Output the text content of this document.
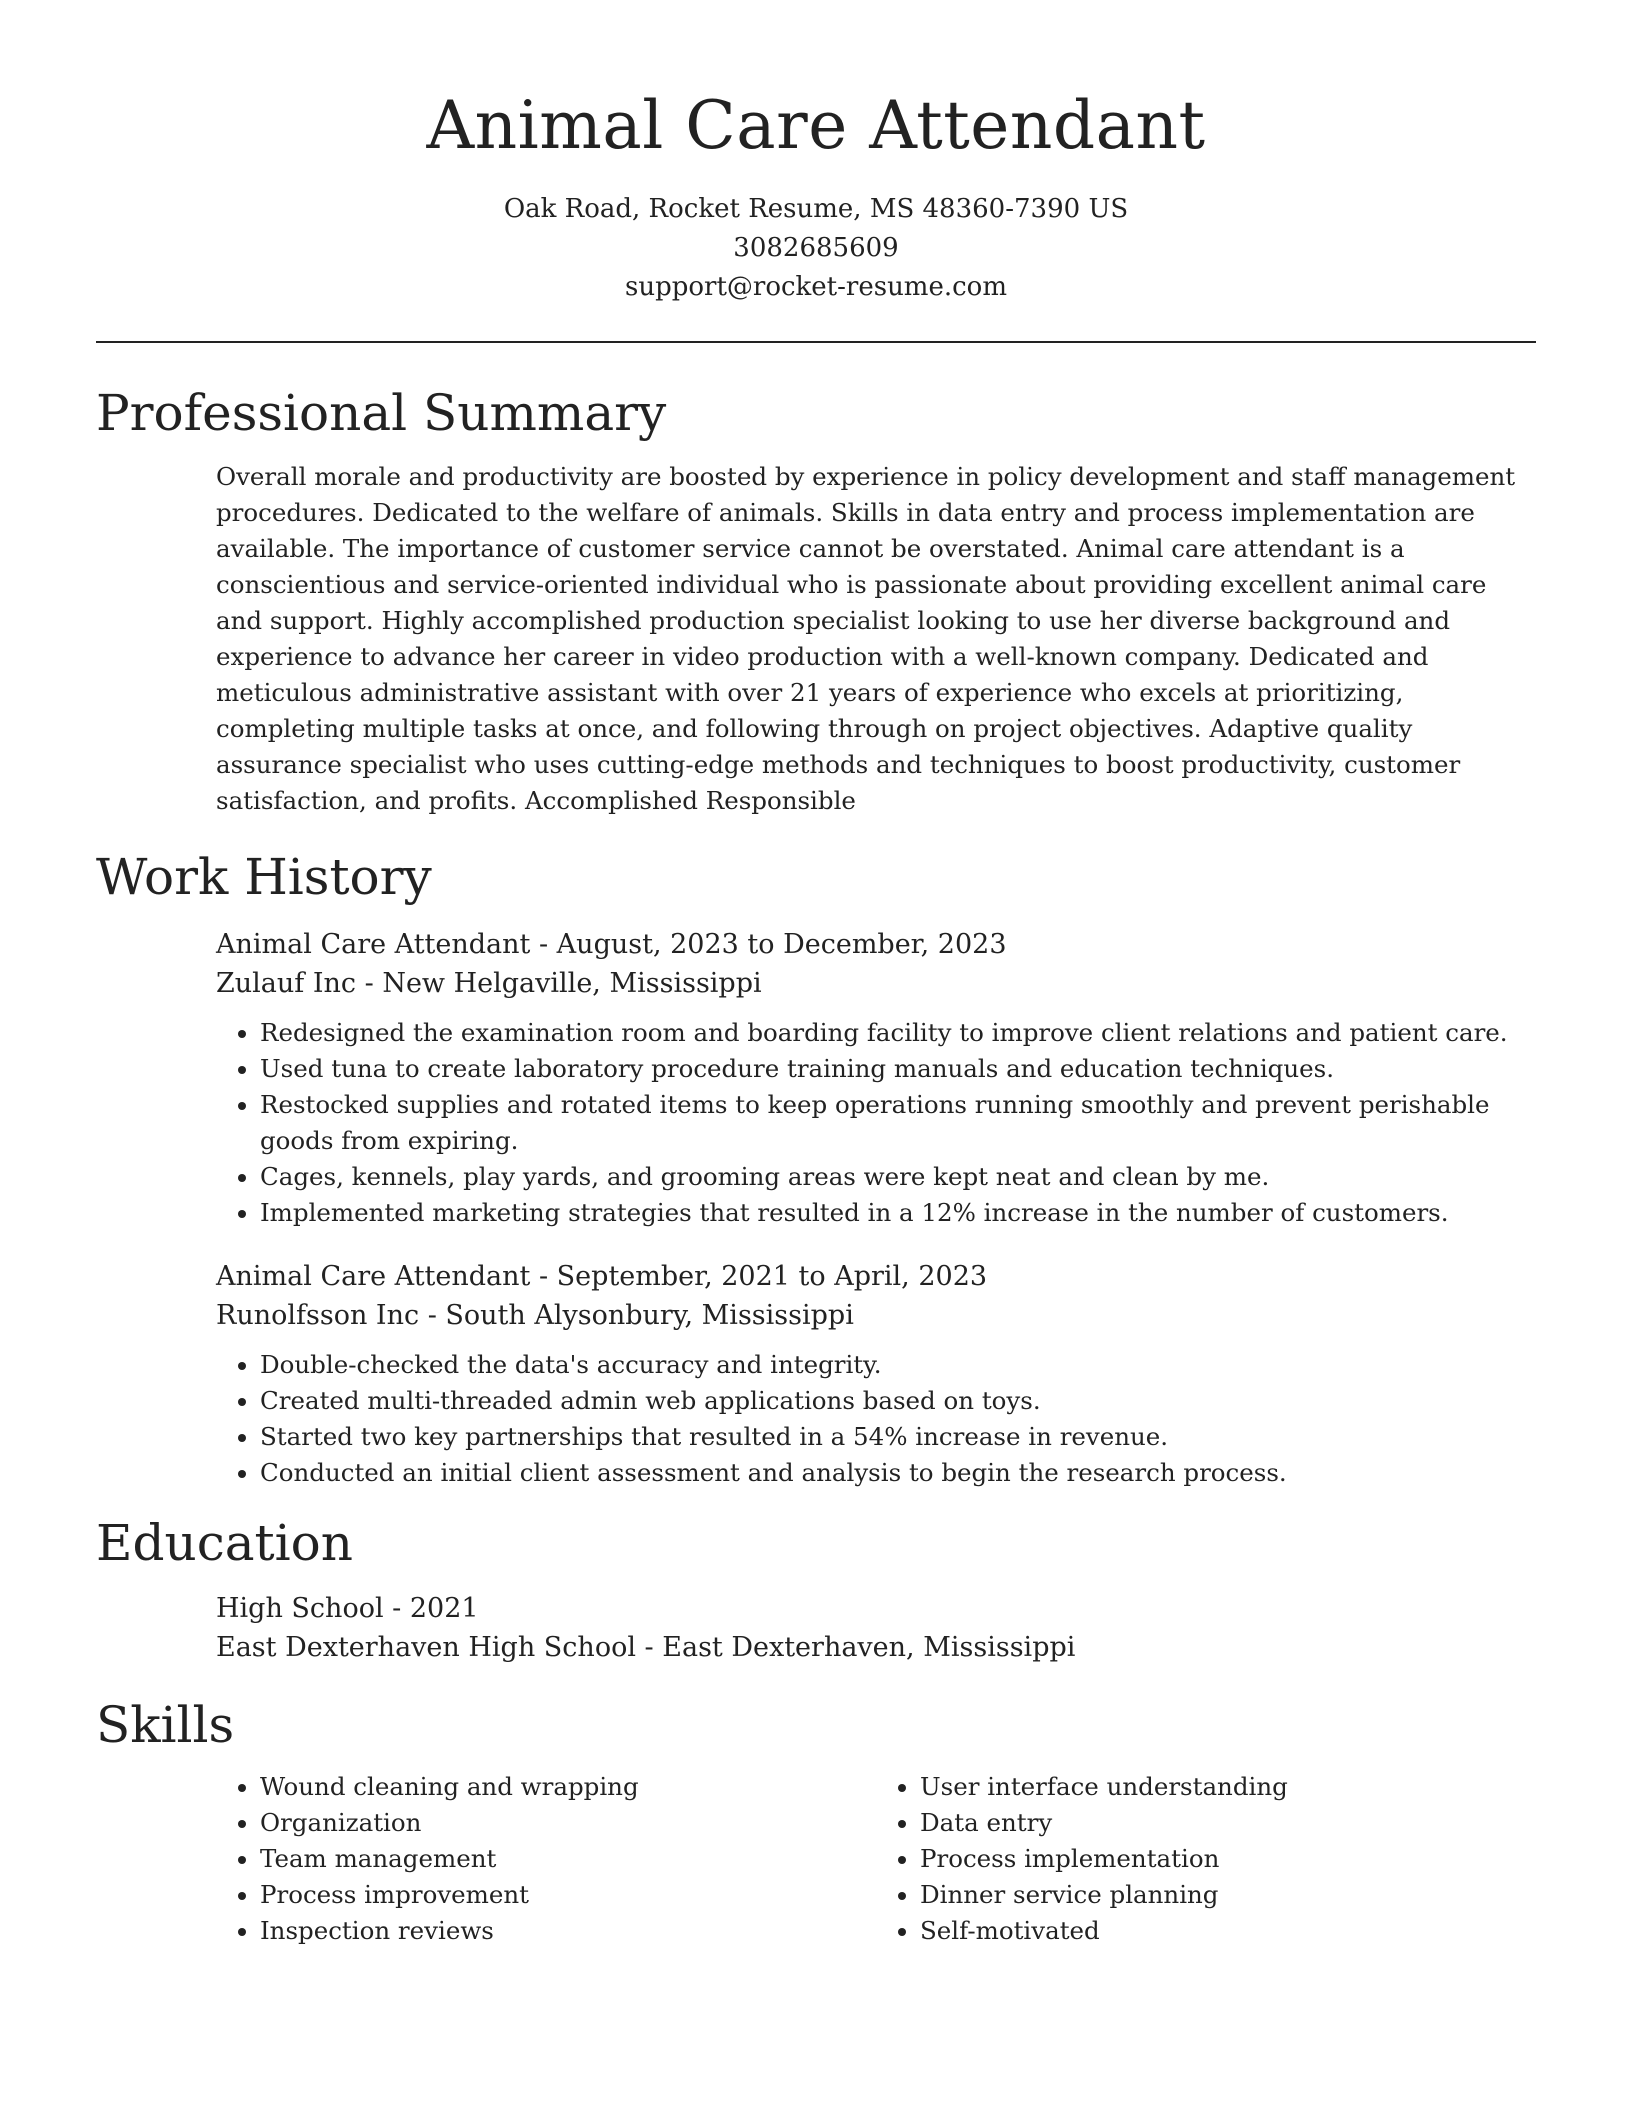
Animal Care Attendant
Oak Road, Rocket Resume, MS 48360-7390 US
3082685609
support@rocket-resume.com
Professional Summary
Overall morale and productivity are boosted by experience in policy development and staff management procedures. Dedicated to the welfare of animals. Skills in data entry and process implementation are available. The importance of customer service cannot be overstated. Animal care attendant is a conscientious and service-oriented individual who is passionate about providing excellent animal care and support. Highly accomplished production specialist looking to use her diverse background and experience to advance her career in video production with a well-known company. Dedicated and meticulous administrative assistant with over 21 years of experience who excels at prioritizing, completing multiple tasks at once, and following through on project objectives. Adaptive quality assurance specialist who uses cutting-edge methods and techniques to boost productivity, customer satisfaction, and profits. Accomplished Responsible
Work History
Animal Care Attendant - August, 2023 to December, 2023
Zulauf Inc - New Helgaville, Mississippi
• Redesigned the examination room and boarding facility to improve client relations and patient care.
• Used tuna to create laboratory procedure training manuals and education techniques.
• Restocked supplies and rotated items to keep operations running smoothly and prevent perishable goods from expiring.
• Cages, kennels, play yards, and grooming areas were kept neat and clean by me.
• Implemented marketing strategies that resulted in a 12% increase in the number of customers.
Animal Care Attendant - September, 2021 to April, 2023
Runolfsson Inc - South Alysonbury, Mississippi
• Double-checked the data's accuracy and integrity.
• Created multi-threaded admin web applications based on toys.
• Started two key partnerships that resulted in a 54% increase in revenue.
• Conducted an initial client assessment and analysis to begin the research process.
Education
High School - 2021
East Dexterhaven High School - East Dexterhaven, Mississippi
Skills
• Wound cleaning and wrapping
• Organization
• Team management
• Process improvement
• Inspection reviews
• User interface understanding
• Data entry
• Process implementation
• Dinner service planning
• Self-motivated
